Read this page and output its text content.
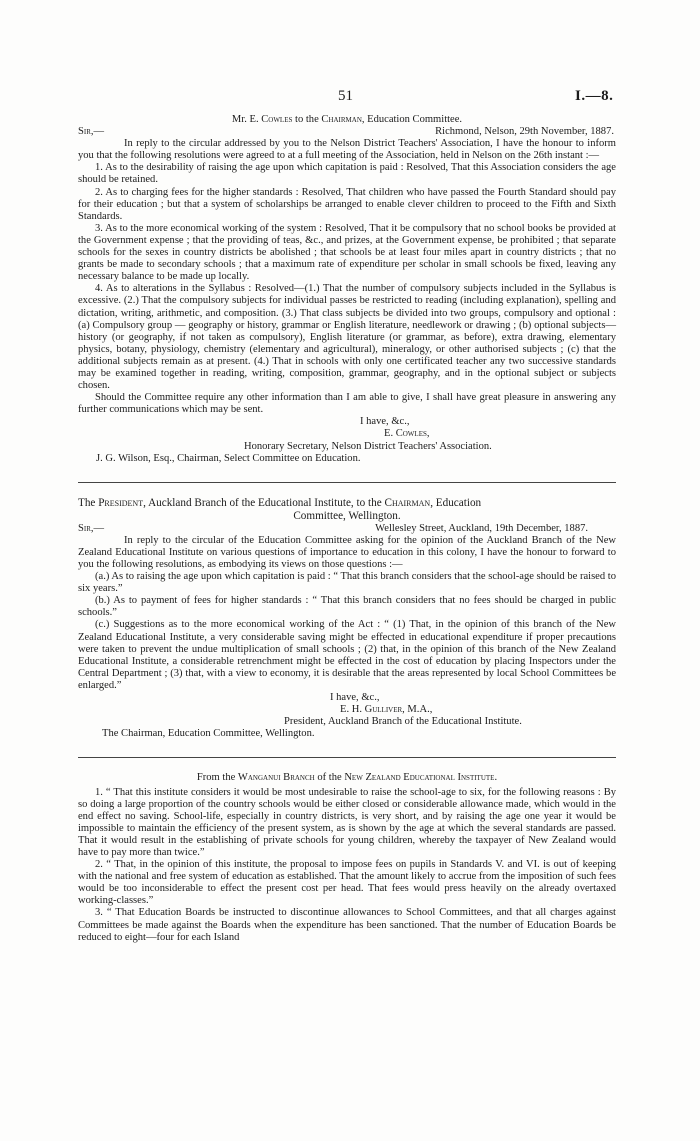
51	I.—8.

Mr. E. Cowles to the Chairman, Education Committee.

Sir,—	Richmond, Nelson, 29th November, 1887.

In reply to the circular addressed by you to the Nelson District Teachers' Association, I have the honour to inform you that the following resolutions were agreed to at a full meeting of the Association, held in Nelson on the 26th instant :—

1. As to the desirability of raising the age upon which capitation is paid : Resolved, That this Association considers the age should be retained.

2. As to charging fees for the higher standards : Resolved, That children who have passed the Fourth Standard should pay for their education ; but that a system of scholarships be arranged to enable clever children to proceed to the Fifth and Sixth Standards.

3. As to the more economical working of the system : Resolved, That it be compulsory that no school books be provided at the Government expense ; that the providing of teas, &c., and prizes, at the Government expense, be prohibited ; that separate schools for the sexes in country districts be abolished ; that schools be at least four miles apart in country districts ; that no grants be made to secondary schools ; that a maximum rate of expenditure per scholar in small schools be fixed, leaving any necessary balance to be made up locally.

4. As to alterations in the Syllabus : Resolved—(1.) That the number of compulsory subjects included in the Syllabus is excessive. (2.) That the compulsory subjects for individual passes be restricted to reading (including explanation), spelling and dictation, writing, arithmetic, and composition. (3.) That class subjects be divided into two groups, compulsory and optional : (a) Compulsory group — geography or history, grammar or English literature, needlework or drawing ; (b) optional subjects—history (or geography, if not taken as compulsory), English literature (or grammar, as before), extra drawing, elementary physics, botany, physiology, chemistry (elementary and agricultural), mineralogy, or other authorised subjects ; (c) that the additional subjects remain as at present. (4.) That in schools with only one certificated teacher any two successive standards may be examined together in reading, writing, composition, grammar, geography, and in the optional subject or subjects chosen.

Should the Committee require any other information than I am able to give, I shall have great pleasure in answering any further communications which may be sent.

I have, &c.,

E. Cowles,

Honorary Secretary, Nelson District Teachers' Association.

J. G. Wilson, Esq., Chairman, Select Committee on Education.

The President, Auckland Branch of the Educational Institute, to the Chairman, Education

Committee, Wellington.

Sir,—	Wellesley Street, Auckland, 19th December, 1887.

In reply to the circular of the Education Committee asking for the opinion of the Auckland Branch of the New Zealand Educational Institute on various questions of importance to education in this colony, I have the honour to forward to you the following resolutions, as embodying its views on those questions :—

(a.) As to raising the age upon which capitation is paid : “ That this branch considers that the school-age should be raised to six years.”

(b.) As to payment of fees for higher standards : “ That this branch considers that no fees should be charged in public schools.”

(c.) Suggestions as to the more economical working of the Act : “ (1) That, in the opinion of this branch of the New Zealand Educational Institute, a very considerable saving might be effected in educational expenditure if proper precautions were taken to prevent the undue multiplication of small schools ; (2) that, in the opinion of this branch of the New Zealand Educational Institute, a considerable retrenchment might be effected in the cost of education by placing Inspectors under the Central Department ; (3) that, with a view to economy, it is desirable that the areas represented by local School Committees be enlarged.”

I have, &c.,

E. H. Gulliver, M.A.,

President, Auckland Branch of the Educational Institute.

The Chairman, Education Committee, Wellington.

From the Wanganui Branch of the New Zealand Educational Institute.

1. “ That this institute considers it would be most undesirable to raise the school-age to six, for the following reasons : By so doing a large proportion of the country schools would be either closed or considerable allowance made, which would in the end effect no saving. School-life, especially in country districts, is very short, and by raising the age one year it would be impossible to maintain the efficiency of the present system, as is shown by the age at which the several standards are passed. That it would result in the establishing of private schools for young children, whereby the taxpayer of New Zealand would have to pay more than twice.”

2. “ That, in the opinion of this institute, the proposal to impose fees on pupils in Standards V. and VI. is out of keeping with the national and free system of education as established. That the amount likely to accrue from the imposition of such fees would be too inconsiderable to effect the present cost per head. That fees would press heavily on the already overtaxed working-classes.”

3. “ That Education Boards be instructed to discontinue allowances to School Committees, and that all charges against Committees be made against the Boards when the expenditure has been sanctioned. That the number of Education Boards be reduced to eight—four for each Island
